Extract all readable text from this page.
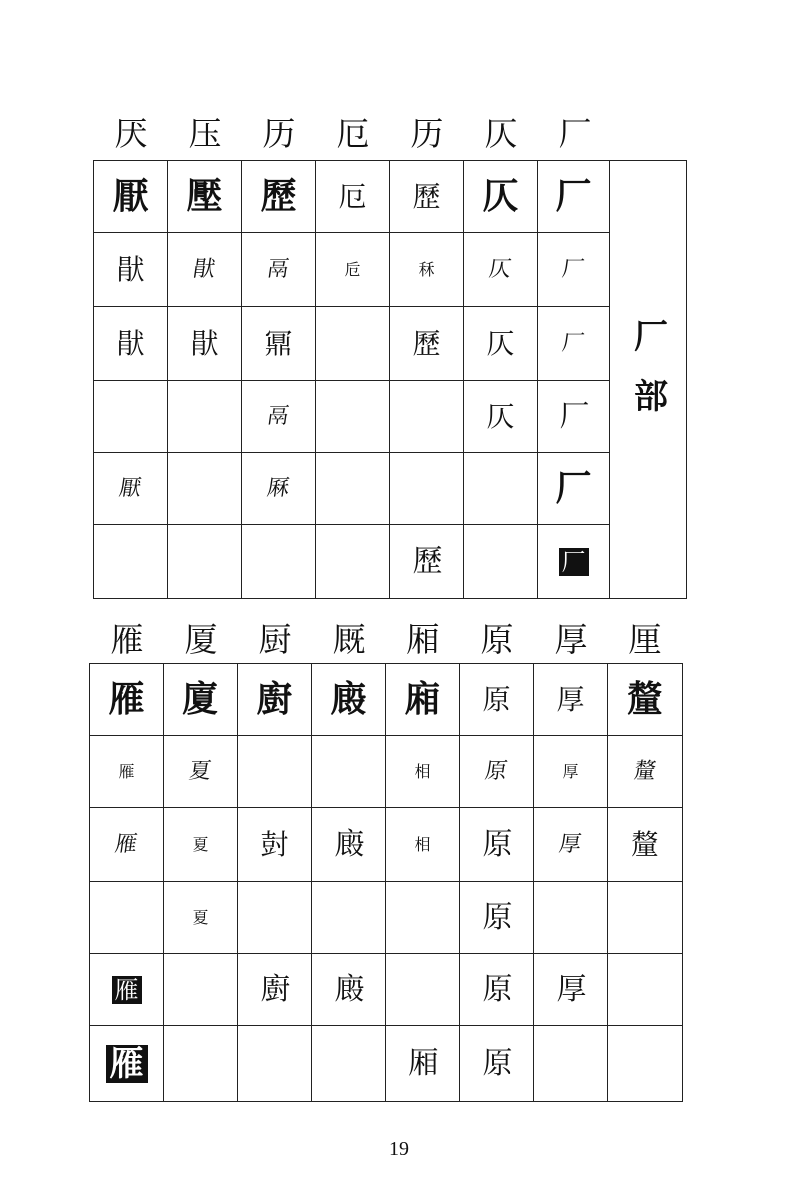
厌	压	历	厄	历	仄	厂
厭	壓	歷	厄	歷	仄	厂	厂部
猒	猒	鬲	卮	秝	仄	厂	
猒	猒	鼏		歷	仄	厂	
		鬲			仄	厂	
厭		厤				厂	
				歷		厂	
雁	厦	厨	厩	厢	原	厚	厘
雁	廈	廚	廄	廂	原	厚	釐
雁	夏			相	原	厚	釐
雁	夏	尌	廄	相	原	厚	釐
	夏				原		
雁		廚	廄		原	厚	
雁				厢	原		
19
